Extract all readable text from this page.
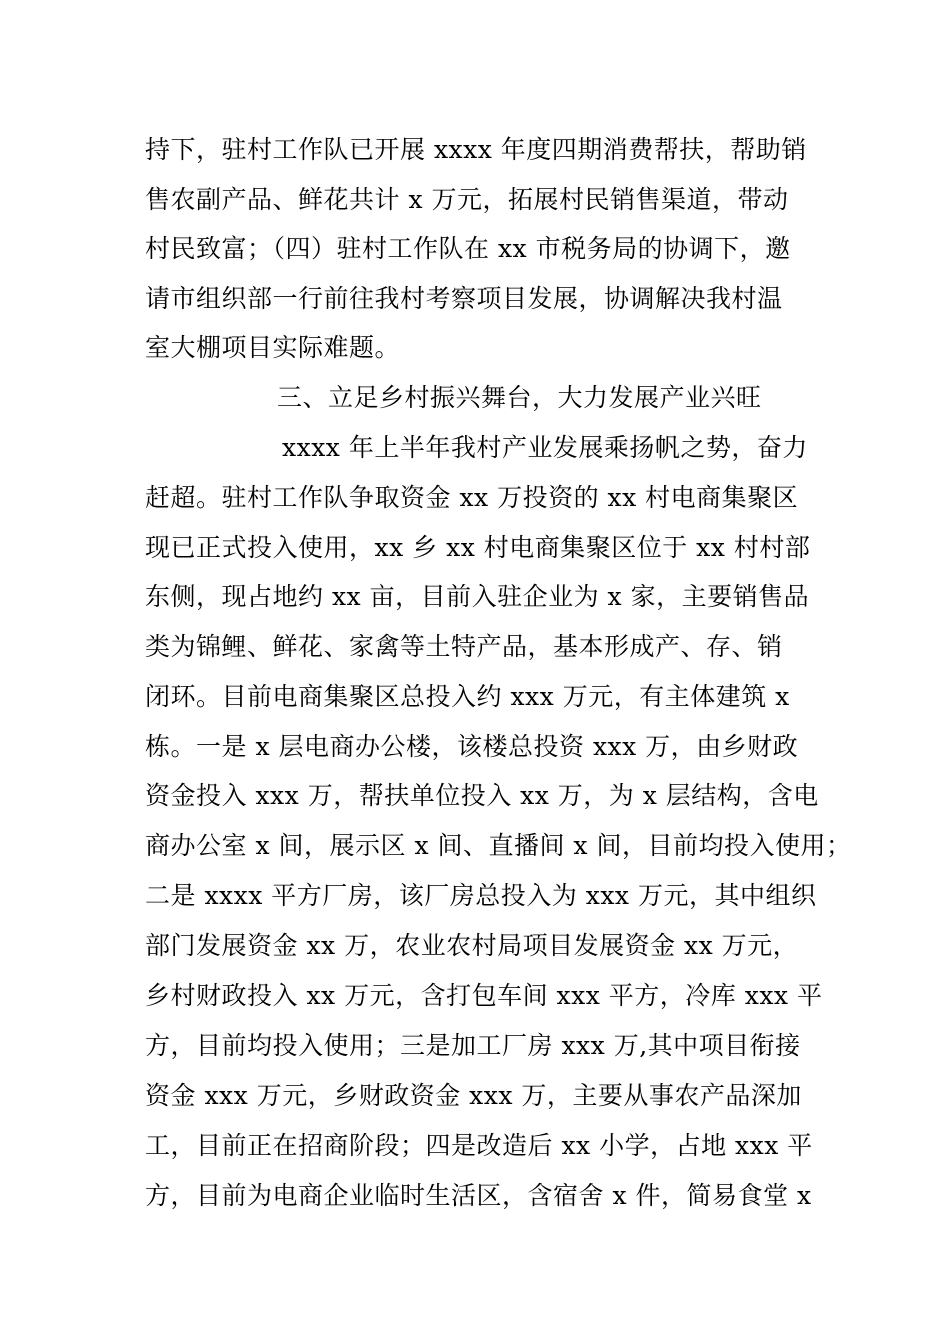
持下，驻村工作队已开展 xxxx 年度四期消费帮扶，帮助销
售农副产品、鲜花共计 x 万元，拓展村民销售渠道，带动
村民致富；（四）驻村工作队在 xx 市税务局的协调下，邀
请市组织部一行前往我村考察项目发展，协调解决我村温
室大棚项目实际难题。
三、立足乡村振兴舞台，大力发展产业兴旺
xxxx 年上半年我村产业发展乘扬帆之势，奋力
赶超。驻村工作队争取资金 xx 万投资的 xx 村电商集聚区
现已正式投入使用，xx 乡 xx 村电商集聚区位于 xx 村村部
东侧，现占地约 xx 亩，目前入驻企业为 x 家，主要销售品
类为锦鲤、鲜花、家禽等土特产品，基本形成产、存、销
闭环。目前电商集聚区总投入约 xxx 万元，有主体建筑 x
栋。一是 x 层电商办公楼，该楼总投资 xxx 万，由乡财政
资金投入 xxx 万，帮扶单位投入 xx 万，为 x 层结构，含电
商办公室 x 间，展示区 x 间、直播间 x 间，目前均投入使用；
二是 xxxx 平方厂房，该厂房总投入为 xxx 万元，其中组织
部门发展资金 xx 万，农业农村局项目发展资金 xx 万元，
乡村财政投入 xx 万元，含打包车间 xxx 平方，冷库 xxx 平
方，目前均投入使用；三是加工厂房 xxx 万,其中项目衔接
资金 xxx 万元，乡财政资金 xxx 万，主要从事农产品深加
工，目前正在招商阶段；四是改造后 xx 小学，占地 xxx 平
方，目前为电商企业临时生活区，含宿舍 x 件，简易食堂 x
